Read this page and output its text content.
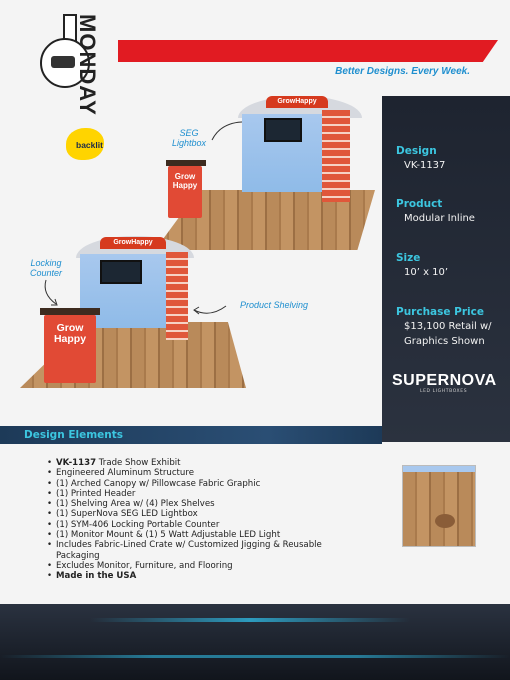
MONDAY	Better Designs. Every Week.
backlit
SEG
Lightbox
Locking
Counter
Product Shelving
GrowHappy
Grow
Happy
GrowHappy
Grow
Happy
Design
VK-1137
Product
Modular Inline
Size
10’ x 10’
Purchase Price
$13,100 Retail w/ Graphics Shown
SUPERNOVA
LED LIGHTBOXES
Design Elements
• VK-1137 Trade Show Exhibit
• Engineered Aluminum Structure
• (1) Arched Canopy w/ Pillowcase Fabric Graphic
• (1) Printed Header
• (1) Shelving Area w/ (4) Plex Shelves
• (1) SuperNova SEG LED Lightbox
• (1) SYM-406 Locking Portable Counter
• (1) Monitor Mount & (1) 5 Watt Adjustable LED Light
• Includes Fabric-Lined Crate w/ Customized Jigging & Reusable Packaging
• Excludes Monitor, Furniture, and Flooring
• Made in the USA
